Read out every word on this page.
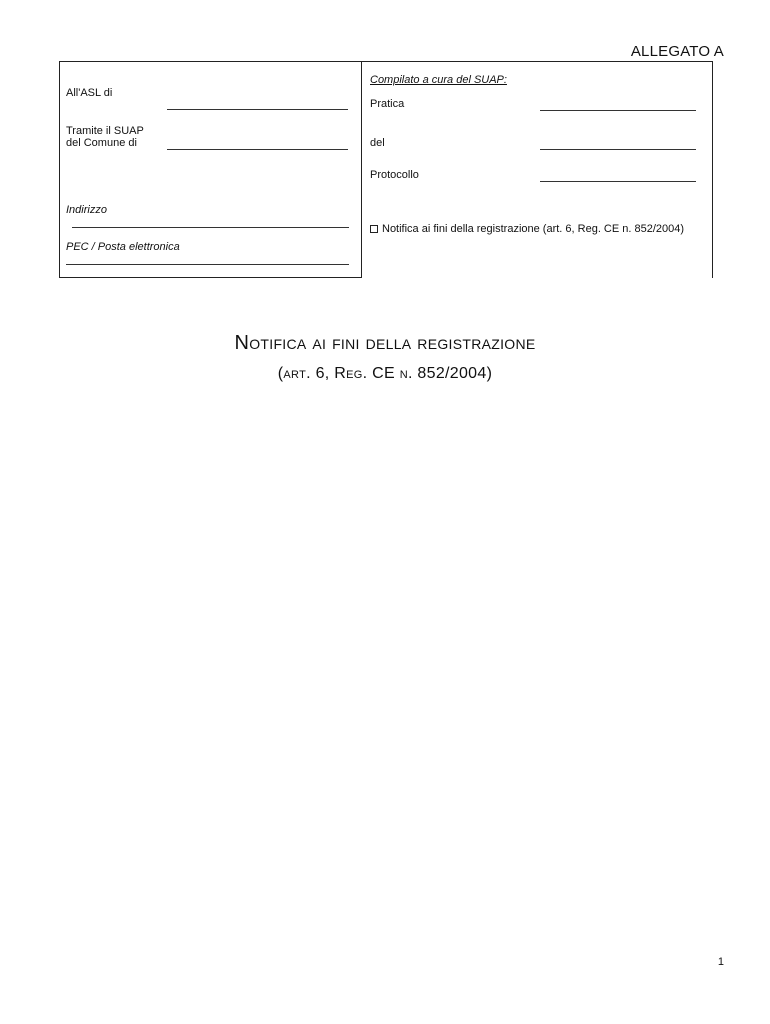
ALLEGATO A
All'ASL di
Tramite il SUAP
del Comune di
Indirizzo
PEC / Posta elettronica
Compilato a cura del SUAP:
Pratica
del
Protocollo
Notifica ai fini della registrazione (art. 6, Reg. CE n. 852/2004)
Notifica ai fini della registrazione
(art. 6, Reg. CE n. 852/2004)
1
